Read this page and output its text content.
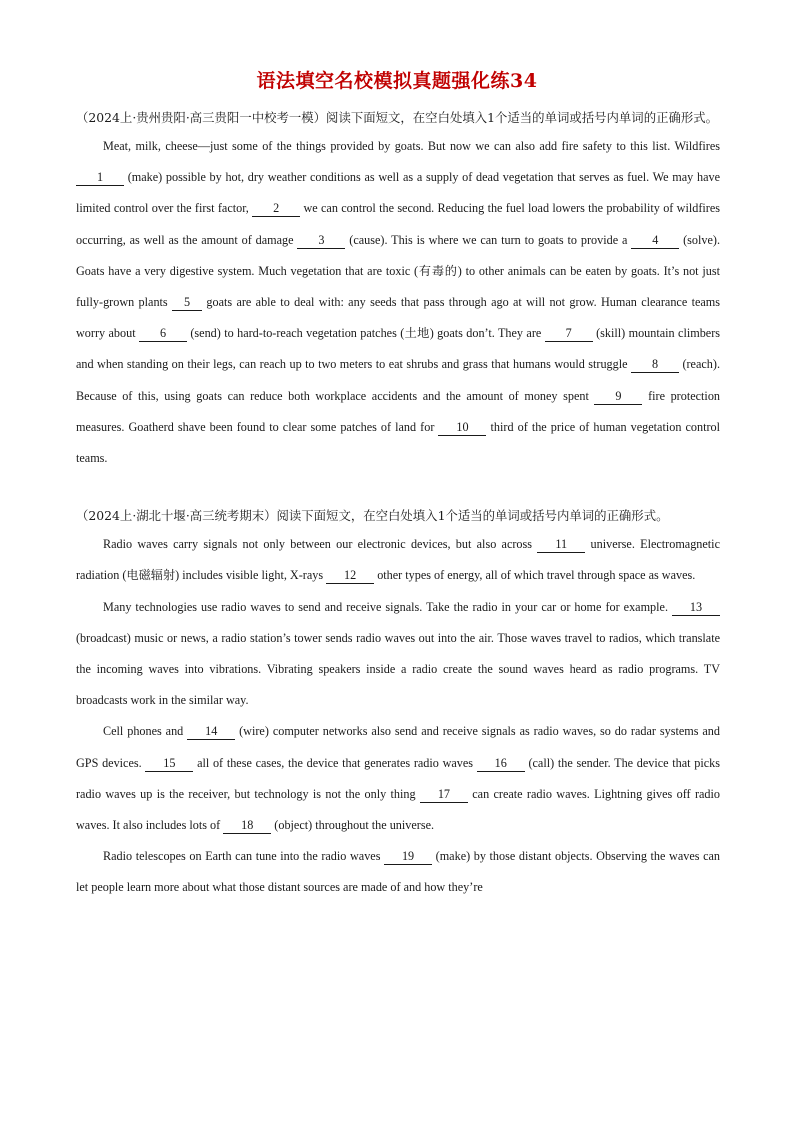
语法填空名校模拟真题强化练34

（2024上·贵州贵阳·高三贵阳一中校考一模）阅读下面短文，在空白处填入1个适当的单词或括号内单词的正确形式。

Meat, milk, cheese—just some of the things provided by goats. But now we can also add fire safety to this list. Wildfires 1 (make) possible by hot, dry weather conditions as well as a supply of dead vegetation that serves as fuel. We may have limited control over the first factor, 2 we can control the second. Reducing the fuel load lowers the probability of wildfires occurring, as well as the amount of damage 3 (cause). This is where we can turn to goats to provide a 4 (solve). Goats have a very digestive system. Much vegetation that are toxic (有毒的) to other animals can be eaten by goats. It’s not just fully-grown plants 5 goats are able to deal with: any seeds that pass through ago at will not grow. Human clearance teams worry about 6 (send) to hard-to-reach vegetation patches (土地) goats don’t. They are 7 (skill) mountain climbers and when standing on their legs, can reach up to two meters to eat shrubs and grass that humans would struggle 8 (reach). Because of this, using goats can reduce both workplace accidents and the amount of money spent 9 fire protection measures. Goatherd shave been found to clear some patches of land for 10 third of the price of human vegetation control teams.

（2024上·湖北十堰·高三统考期末）阅读下面短文，在空白处填入1个适当的单词或括号内单词的正确形式。

Radio waves carry signals not only between our electronic devices, but also across 11 universe. Electromagnetic radiation (电磁辐射) includes visible light, X-rays 12 other types of energy, all of which travel through space as waves.

Many technologies use radio waves to send and receive signals. Take the radio in your car or home for example. 13 (broadcast) music or news, a radio station’s tower sends radio waves out into the air. Those waves travel to radios, which translate the incoming waves into vibrations. Vibrating speakers inside a radio create the sound waves heard as radio programs. TV broadcasts work in the similar way.

Cell phones and 14 (wire) computer networks also send and receive signals as radio waves, so do radar systems and GPS devices. 15 all of these cases, the device that generates radio waves 16 (call) the sender. The device that picks radio waves up is the receiver, but technology is not the only thing 17 can create radio waves. Lightning gives off radio waves. It also includes lots of 18 (object) throughout the universe.

Radio telescopes on Earth can tune into the radio waves 19 (make) by those distant objects. Observing the waves can let people learn more about what those distant sources are made of and how they’re
